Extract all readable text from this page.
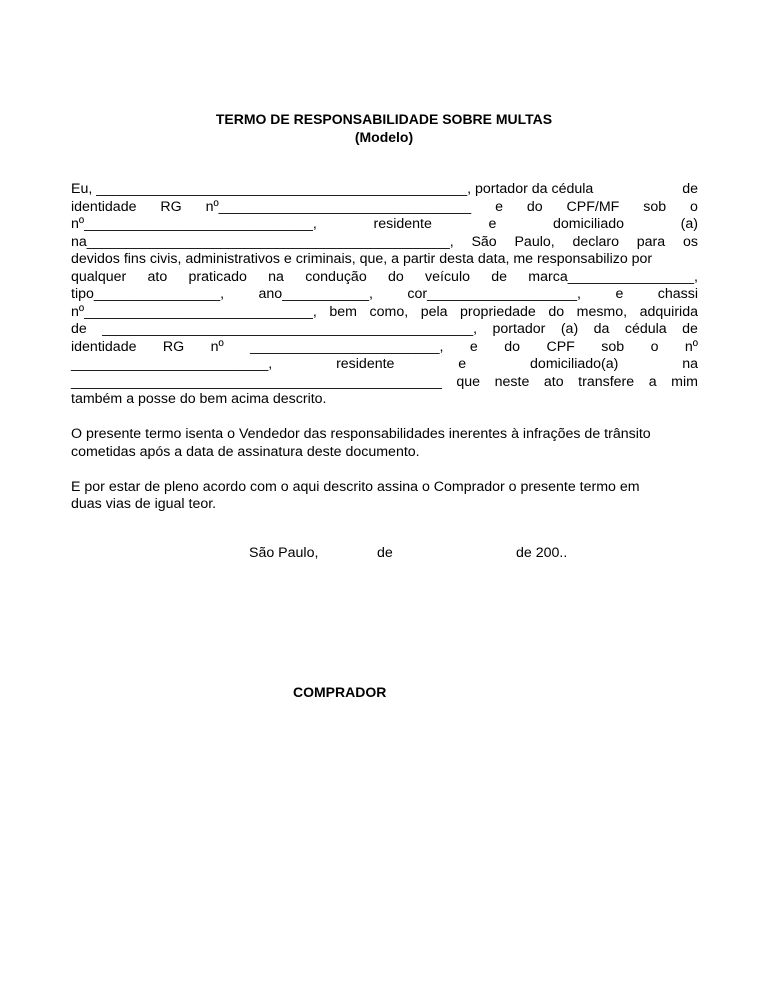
TERMO DE RESPONSABILIDADE SOBRE MULTAS

(Modelo)

Eu, _______________________________________________, portador da cédula	de
identidade RG nº________________________________ e do CPF/MF sob o
nº_____________________________,	residente	e	domiciliado	(a)
na______________________________________________, São Paulo, declaro para os
devidos fins civis, administrativos e criminais, que, a partir desta data, me responsabilizo por
qualquer ato praticado na condução do veículo de marca________________,
tipo________________, ano___________, cor___________________, e chassi
nº_____________________________, bem como, pela propriedade do mesmo, adquirida
de _______________________________________________, portador (a) da cédula de
identidade RG nº ________________________, e do CPF sob o nº
_________________________,	residente	e	domiciliado(a)	na
_______________________________________________ que neste ato transfere a mim
também a posse do bem acima descrito.
O presente termo isenta o Vendedor das responsabilidades inerentes à infrações de trânsito
cometidas após a data de assinatura deste documento.
E por estar de pleno acordo com o aqui descrito assina o Comprador o presente termo em
duas vias de igual teor.
São Paulo,	de	de 200..
COMPRADOR
